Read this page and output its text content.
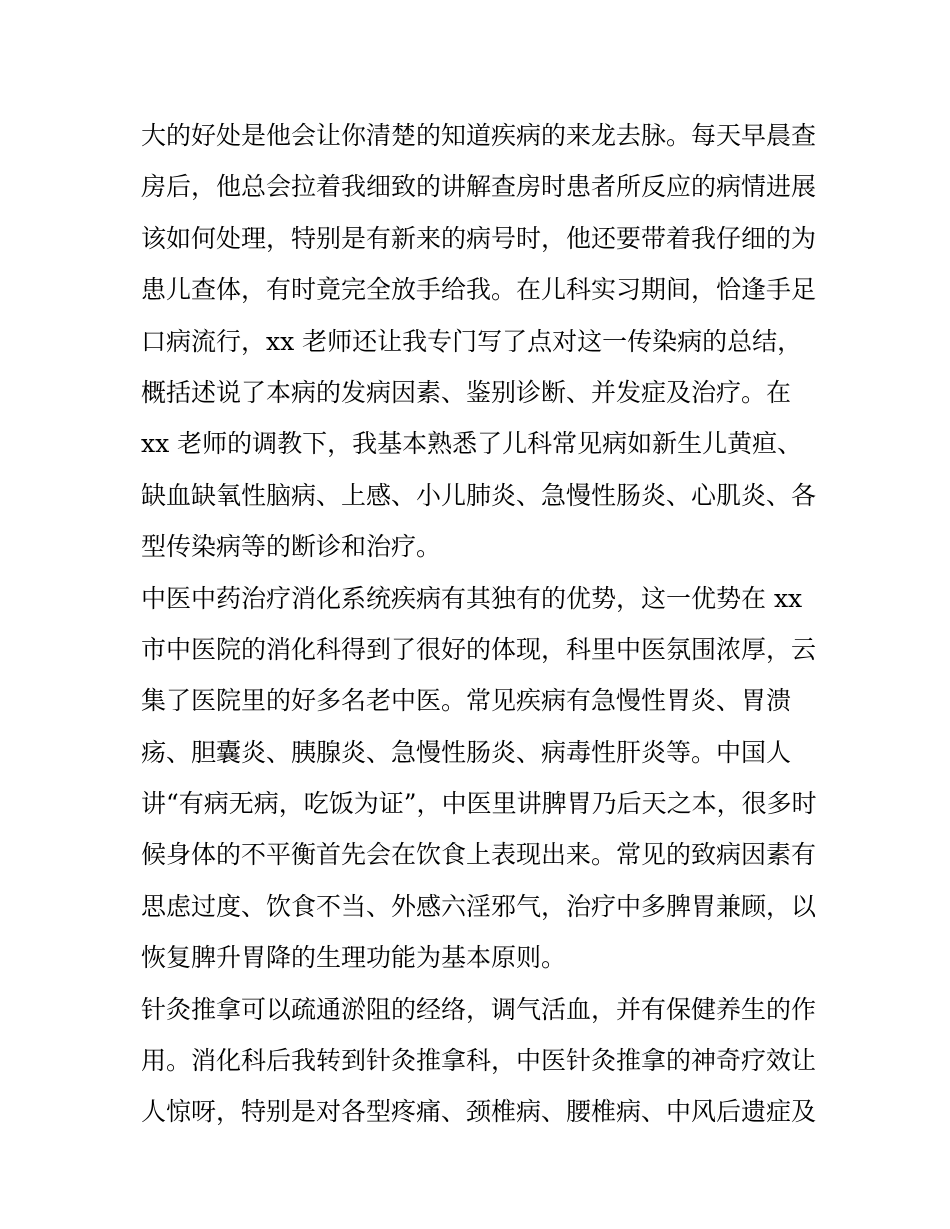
大的好处是他会让你清楚的知道疾病的来龙去脉。每天早晨查
房后，他总会拉着我细致的讲解查房时患者所反应的病情进展
该如何处理，特别是有新来的病号时，他还要带着我仔细的为
患儿查体，有时竟完全放手给我。在儿科实习期间，恰逢手足
口病流行，xx 老师还让我专门写了点对这一传染病的总结，
概括述说了本病的发病因素、鉴别诊断、并发症及治疗。在
xx 老师的调教下，我基本熟悉了儿科常见病如新生儿黄疸、
缺血缺氧性脑病、上感、小儿肺炎、急慢性肠炎、心肌炎、各
型传染病等的断诊和治疗。
中医中药治疗消化系统疾病有其独有的优势，这一优势在 xx
市中医院的消化科得到了很好的体现，科里中医氛围浓厚，云
集了医院里的好多名老中医。常见疾病有急慢性胃炎、胃溃
疡、胆囊炎、胰腺炎、急慢性肠炎、病毒性肝炎等。中国人
讲“有病无病，吃饭为证”，中医里讲脾胃乃后天之本，很多时
候身体的不平衡首先会在饮食上表现出来。常见的致病因素有
思虑过度、饮食不当、外感六淫邪气，治疗中多脾胃兼顾，以
恢复脾升胃降的生理功能为基本原则。
针灸推拿可以疏通淤阻的经络，调气活血，并有保健养生的作
用。消化科后我转到针灸推拿科，中医针灸推拿的神奇疗效让
人惊呀，特别是对各型疼痛、颈椎病、腰椎病、中风后遗症及
